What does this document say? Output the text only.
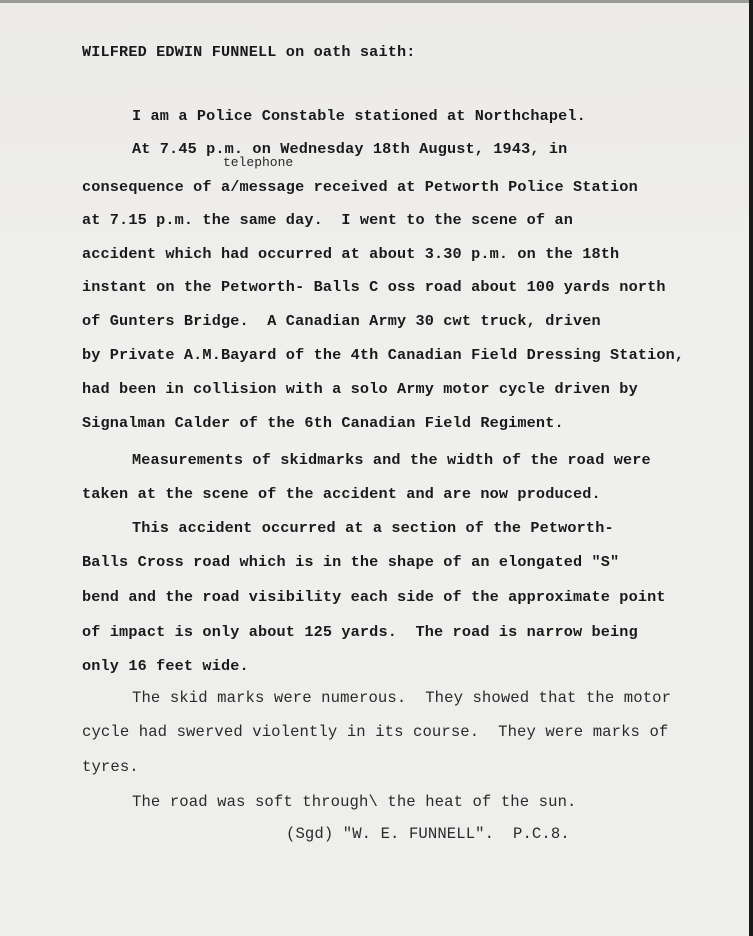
WILFRED EDWIN FUNNELL on oath saith:
I am a Police Constable stationed at Northchapel.
At 7.45 p.m. on Wednesday 18th August, 1943, in
telephone
consequence of a/message received at Petworth Police Station
at 7.15 p.m. the same day.  I went to the scene of an
accident which had occurred at about 3.30 p.m. on the 18th
instant on the Petworth- Balls C oss road about 100 yards north
of Gunters Bridge.  A Canadian Army 30 cwt truck, driven
by Private A.M.Bayard of the 4th Canadian Field Dressing Station,
had been in collision with a solo Army motor cycle driven by
Signalman Calder of the 6th Canadian Field Regiment.
Measurements of skidmarks and the width of the road were
taken at the scene of the accident and are now produced.
This accident occurred at a section of the Petworth-
Balls Cross road which is in the shape of an elongated "S"
bend and the road visibility each side of the approximate point
of impact is only about 125 yards.  The road is narrow being
only 16 feet wide.
The skid marks were numerous.  They showed that the motor
cycle had swerved violently in its course.  They were marks of
tyres.
The road was soft through\ the heat of the sun.
(Sgd) "W. E. FUNNELL".  P.C.8.
